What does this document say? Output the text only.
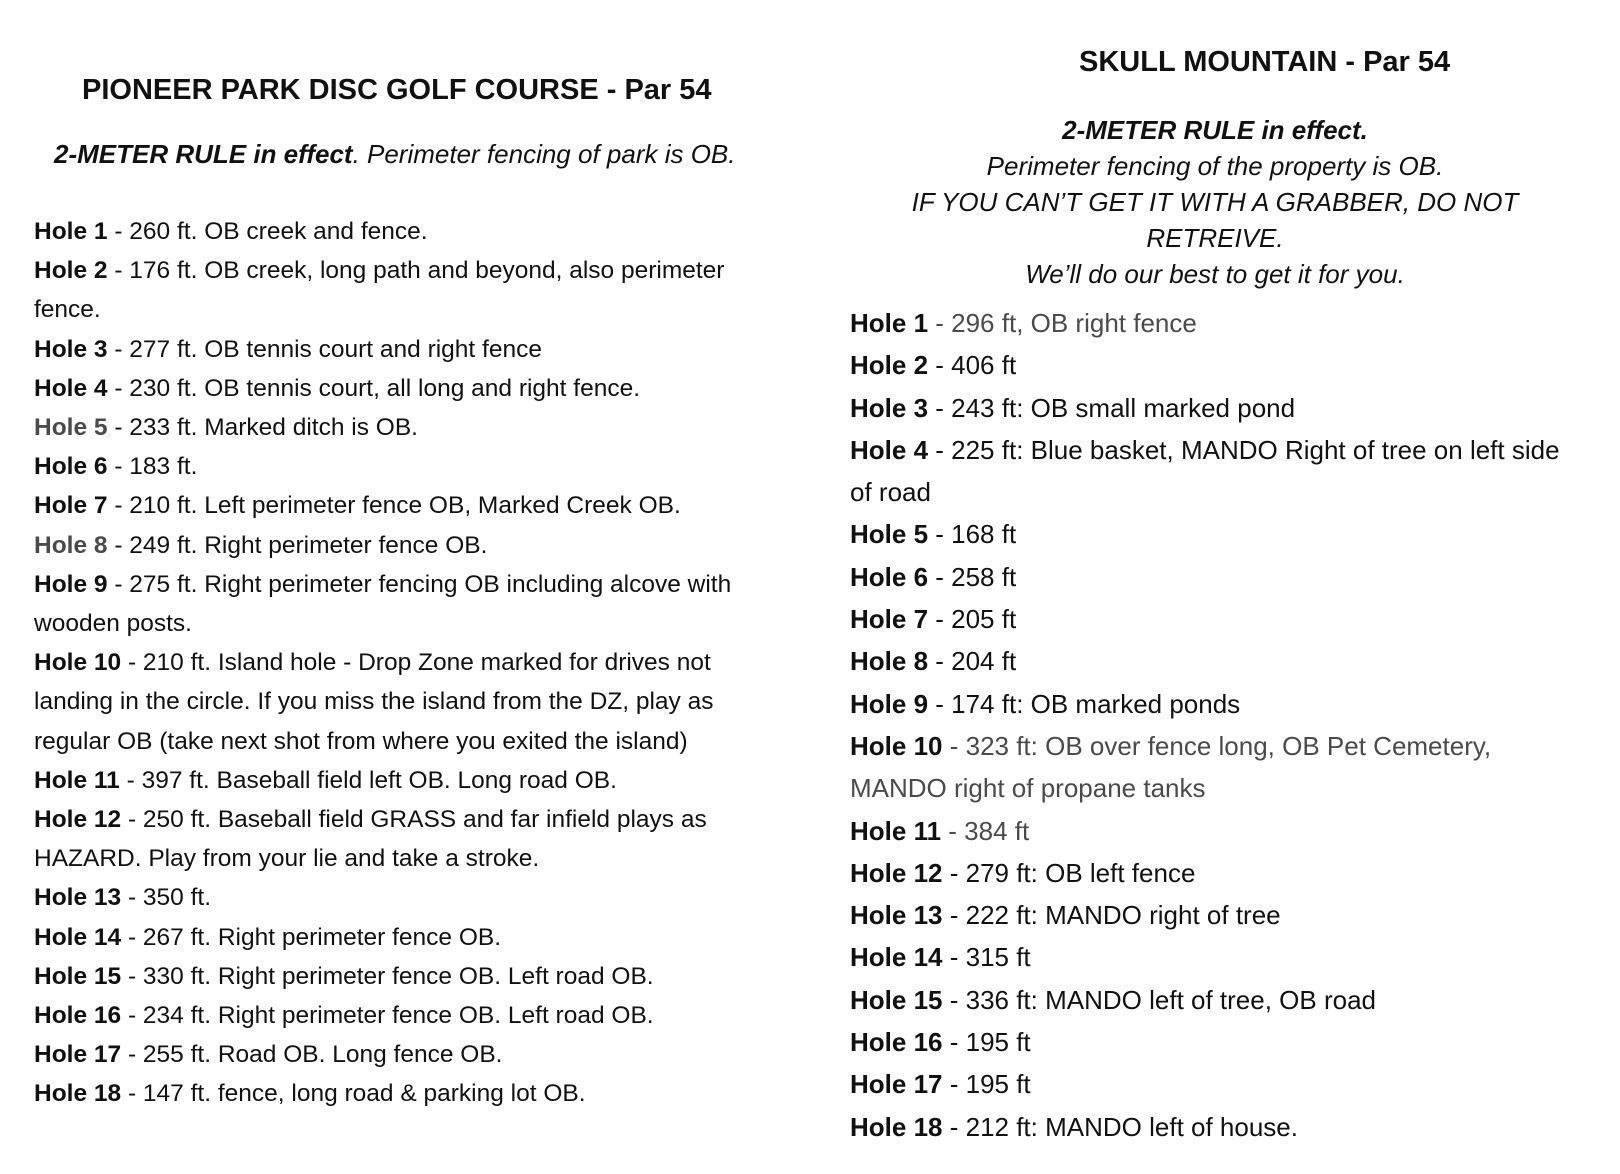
PIONEER PARK DISC GOLF COURSE - Par 54
2-METER RULE in effect. Perimeter fencing of park is OB.

Hole 1 - 260 ft. OB creek and fence.

Hole 2 - 176 ft. OB creek, long path and beyond, also perimeter fence.

Hole 3 - 277 ft. OB tennis court and right fence

Hole 4 - 230 ft. OB tennis court, all long and right fence.

Hole 5 - 233 ft. Marked ditch is OB.

Hole 6 - 183 ft.

Hole 7 - 210 ft. Left perimeter fence OB, Marked Creek OB.

Hole 8 - 249 ft. Right perimeter fence OB.

Hole 9 - 275 ft. Right perimeter fencing OB including alcove with wooden posts.

Hole 10 - 210 ft. Island hole - Drop Zone marked for drives not landing in the circle. If you miss the island from the DZ, play as regular OB (take next shot from where you exited the island)

Hole 11 - 397 ft. Baseball field left OB. Long road OB.

Hole 12 - 250 ft. Baseball field GRASS and far infield plays as HAZARD. Play from your lie and take a stroke.

Hole 13 - 350 ft.

Hole 14 - 267 ft. Right perimeter fence OB.

Hole 15 - 330 ft. Right perimeter fence OB. Left road OB.

Hole 16 - 234 ft. Right perimeter fence OB. Left road OB.

Hole 17 - 255 ft. Road OB. Long fence OB.

Hole 18 - 147 ft. fence, long road & parking lot OB.

SKULL MOUNTAIN - Par 54
2-METER RULE in effect.
Perimeter fencing of the property is OB.
IF YOU CAN’T GET IT WITH A GRABBER, DO NOT RETREIVE.
We’ll do our best to get it for you.

Hole 1 - 296 ft, OB right fence

Hole 2 - 406 ft

Hole 3 - 243 ft: OB small marked pond

Hole 4 - 225 ft: Blue basket, MANDO Right of tree on left side of road

Hole 5 - 168 ft

Hole 6 - 258 ft

Hole 7 - 205 ft

Hole 8 - 204 ft

Hole 9 - 174 ft: OB marked ponds

Hole 10 - 323 ft: OB over fence long, OB Pet Cemetery, MANDO right of propane tanks

Hole 11 - 384 ft

Hole 12 - 279 ft: OB left fence

Hole 13 - 222 ft: MANDO right of tree

Hole 14 - 315 ft

Hole 15 - 336 ft: MANDO left of tree, OB road

Hole 16 - 195 ft

Hole 17 - 195 ft

Hole 18 - 212 ft: MANDO left of house.
